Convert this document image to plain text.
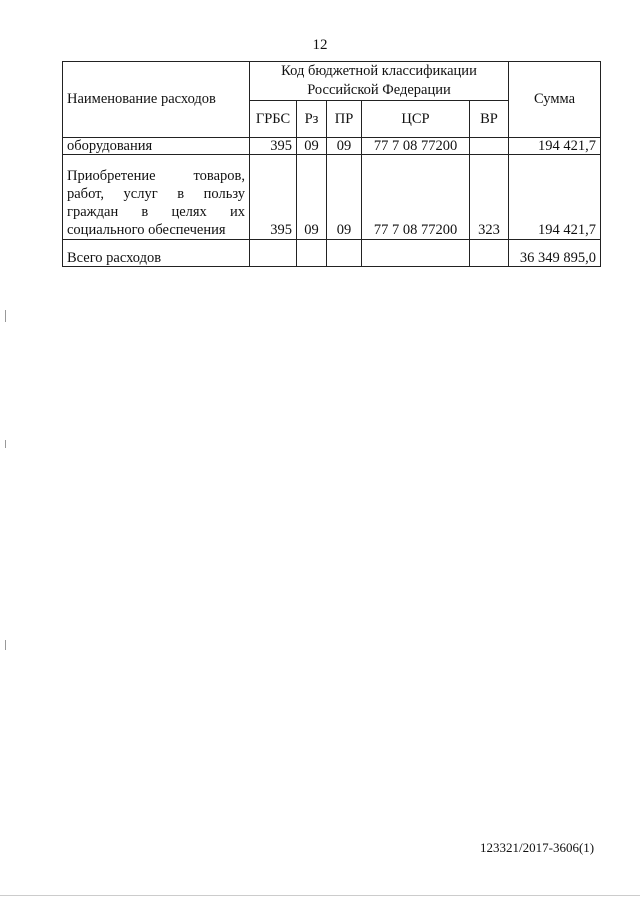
12
Наименование расходов	Код бюджетной классификации Российской Федерации					Сумма
	ГРБС	Рз	ПР	ЦСР	ВР	
оборудования	395	09	09	77 7 08 77200		194 421,7
Приобретение товаров, работ, услуг в пользу граждан в целях их социального обеспечения	395	09	09	77 7 08 77200	323	194 421,7
Всего расходов						36 349 895,0
123321/2017-3606(1)
